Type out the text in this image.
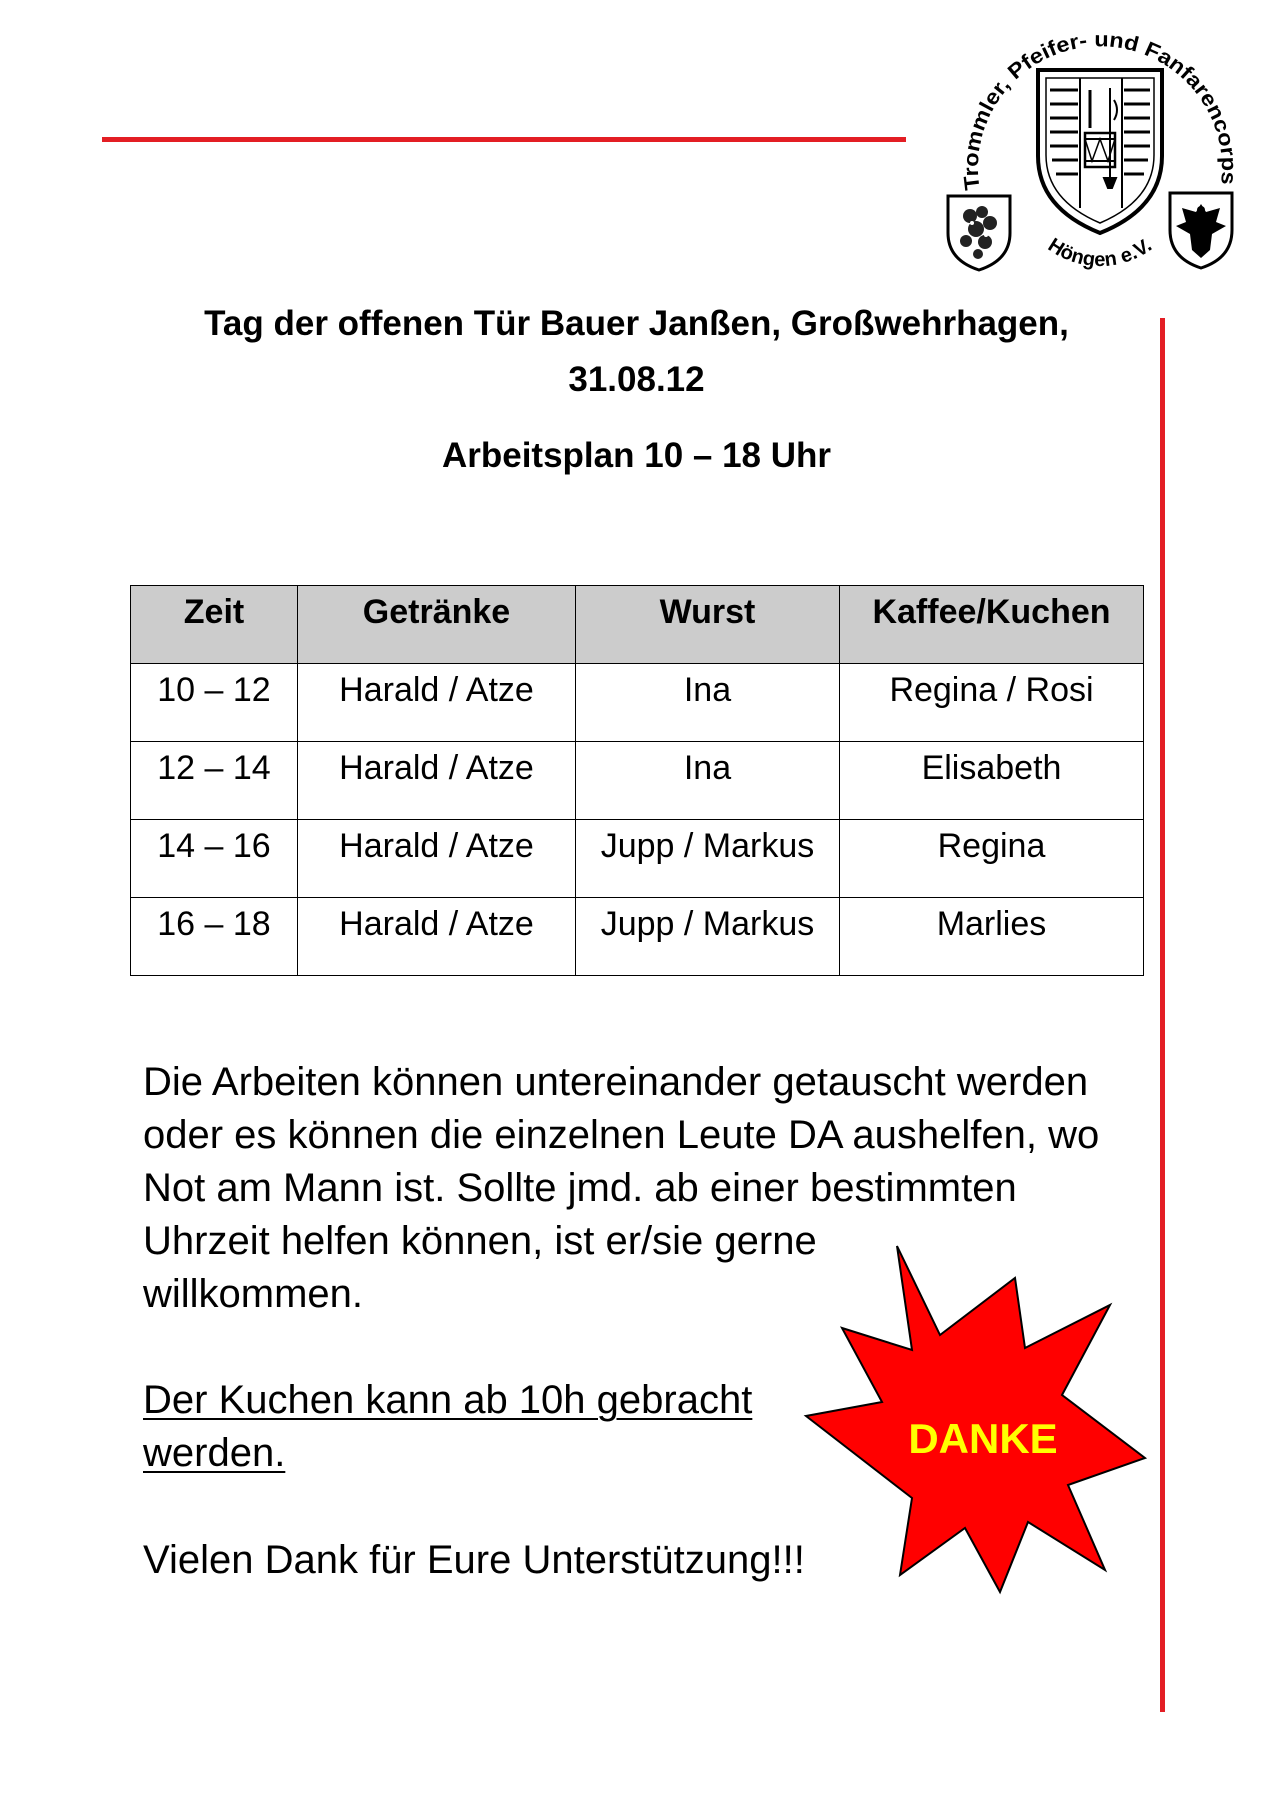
Trommler, Pfeifer- und Fanfarencorps
Höngen e.V.
Tag der offenen Tür Bauer Janßen, Großwehrhagen,
31.08.12
Arbeitsplan 10 – 18 Uhr
Zeit	Getränke	Wurst	Kaffee/Kuchen
10 – 12	Harald / Atze	Ina	Regina / Rosi
12 – 14	Harald / Atze	Ina	Elisabeth
14 – 16	Harald / Atze	Jupp / Markus	Regina
16 – 18	Harald / Atze	Jupp / Markus	Marlies
Die Arbeiten können untereinander getauscht werden
oder es können die einzelnen Leute DA aushelfen, wo
Not am Mann ist. Sollte jmd. ab einer bestimmten
Uhrzeit helfen können, ist er/sie gerne
willkommen.
Der Kuchen kann ab 10h gebracht
werden.
Vielen Dank für Eure Unterstützung!!!
DANKE
